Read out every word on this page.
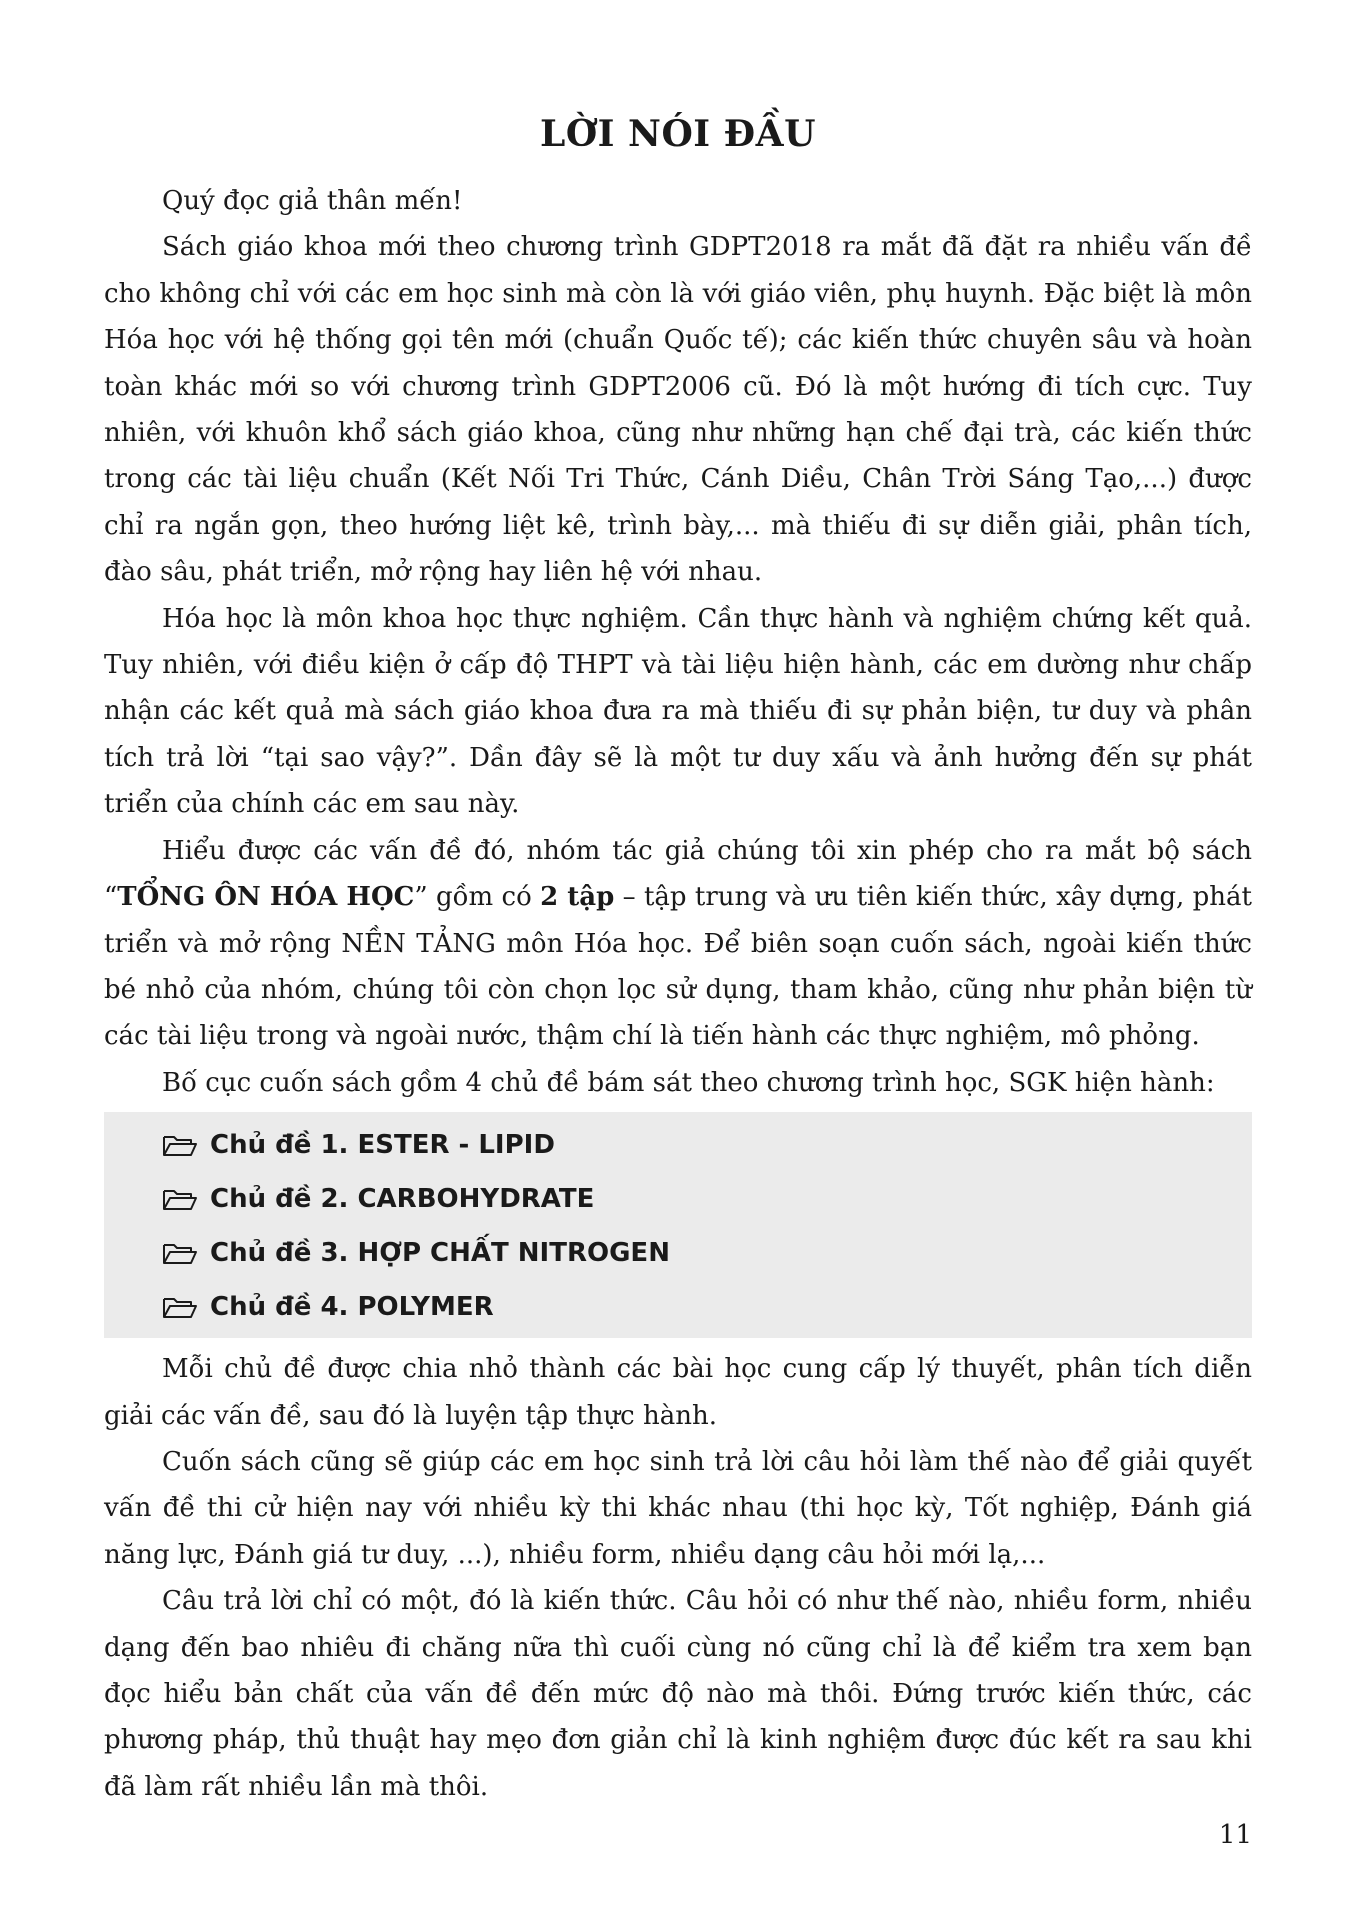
LỜI NÓI ĐẦU

Quý đọc giả thân mến!

Sách giáo khoa mới theo chương trình GDPT2018 ra mắt đã đặt ra nhiều vấn đề cho không chỉ với các em học sinh mà còn là với giáo viên, phụ huynh. Đặc biệt là môn Hóa học với hệ thống gọi tên mới (chuẩn Quốc tế); các kiến thức chuyên sâu và hoàn toàn khác mới so với chương trình GDPT2006 cũ. Đó là một hướng đi tích cực. Tuy nhiên, với khuôn khổ sách giáo khoa, cũng như những hạn chế đại trà, các kiến thức trong các tài liệu chuẩn (Kết Nối Tri Thức, Cánh Diều, Chân Trời Sáng Tạo,...) được chỉ ra ngắn gọn, theo hướng liệt kê, trình bày,... mà thiếu đi sự diễn giải, phân tích, đào sâu, phát triển, mở rộng hay liên hệ với nhau.

Hóa học là môn khoa học thực nghiệm. Cần thực hành và nghiệm chứng kết quả. Tuy nhiên, với điều kiện ở cấp độ THPT và tài liệu hiện hành, các em dường như chấp nhận các kết quả mà sách giáo khoa đưa ra mà thiếu đi sự phản biện, tư duy và phân tích trả lời “tại sao vậy?”. Dần đây sẽ là một tư duy xấu và ảnh hưởng đến sự phát triển của chính các em sau này.

Hiểu được các vấn đề đó, nhóm tác giả chúng tôi xin phép cho ra mắt bộ sách “TỔNG ÔN HÓA HỌC” gồm có 2 tập – tập trung và ưu tiên kiến thức, xây dựng, phát triển và mở rộng NỀN TẢNG môn Hóa học. Để biên soạn cuốn sách, ngoài kiến thức bé nhỏ của nhóm, chúng tôi còn chọn lọc sử dụng, tham khảo, cũng như phản biện từ các tài liệu trong và ngoài nước, thậm chí là tiến hành các thực nghiệm, mô phỏng.

Bố cục cuốn sách gồm 4 chủ đề bám sát theo chương trình học, SGK hiện hành:

Chủ đề 1. ESTER - LIPID
Chủ đề 2. CARBOHYDRATE
Chủ đề 3. HỢP CHẤT NITROGEN
Chủ đề 4. POLYMER

Mỗi chủ đề được chia nhỏ thành các bài học cung cấp lý thuyết, phân tích diễn giải các vấn đề, sau đó là luyện tập thực hành.

Cuốn sách cũng sẽ giúp các em học sinh trả lời câu hỏi làm thế nào để giải quyết vấn đề thi cử hiện nay với nhiều kỳ thi khác nhau (thi học kỳ, Tốt nghiệp, Đánh giá năng lực, Đánh giá tư duy, ...), nhiều form, nhiều dạng câu hỏi mới lạ,...

Câu trả lời chỉ có một, đó là kiến thức. Câu hỏi có như thế nào, nhiều form, nhiều dạng đến bao nhiêu đi chăng nữa thì cuối cùng nó cũng chỉ là để kiểm tra xem bạn đọc hiểu bản chất của vấn đề đến mức độ nào mà thôi. Đứng trước kiến thức, các phương pháp, thủ thuật hay mẹo đơn giản chỉ là kinh nghiệm được đúc kết ra sau khi đã làm rất nhiều lần mà thôi.

11
